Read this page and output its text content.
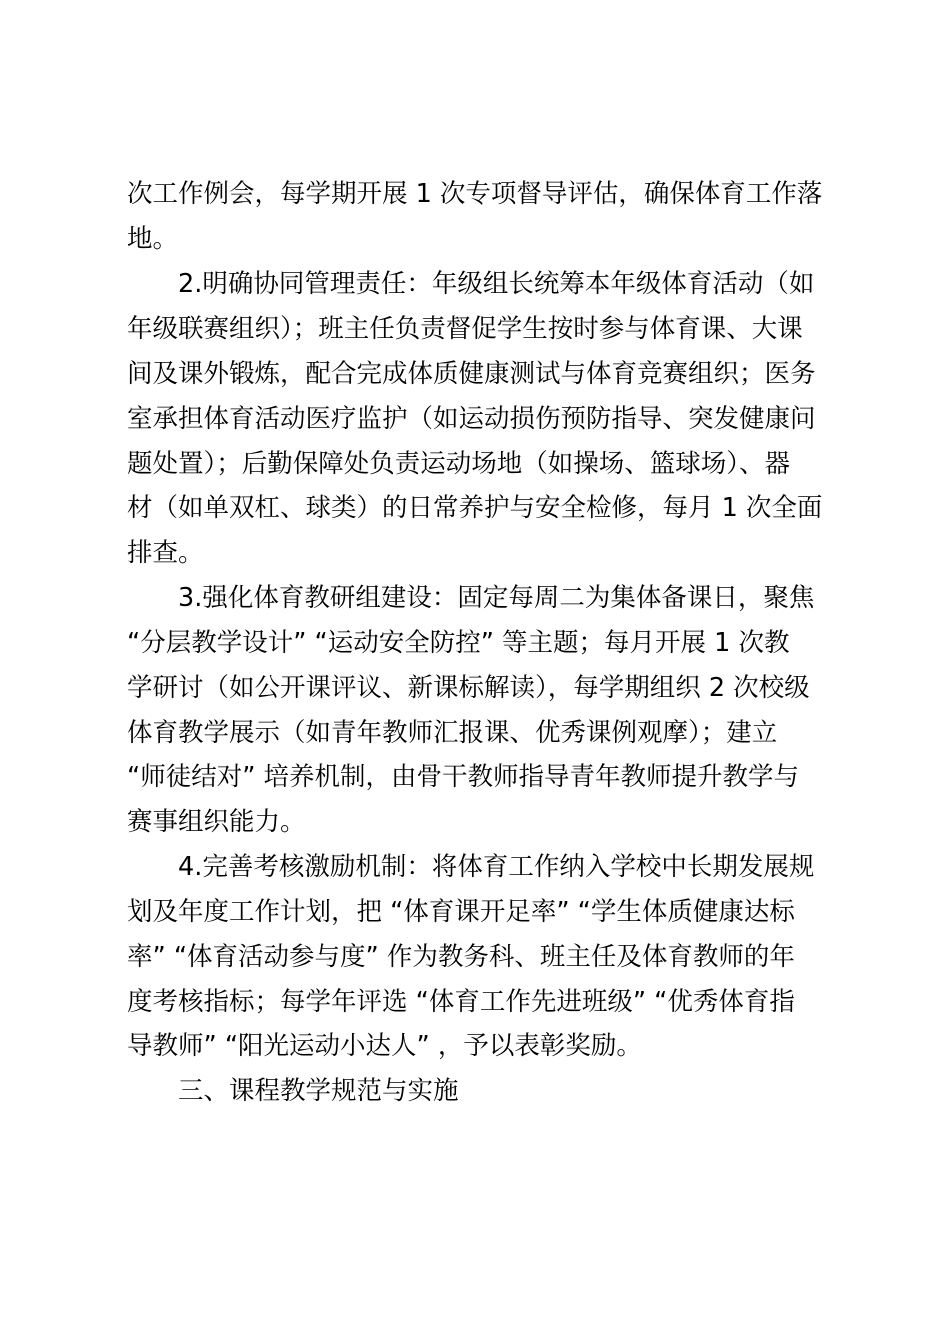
次工作例会，每学期开展 1 次专项督导评估，确保体育工作落
地。
2.明确协同管理责任：年级组长统筹本年级体育活动（如
年级联赛组织）；班主任负责督促学生按时参与体育课、大课
间及课外锻炼，配合完成体质健康测试与体育竞赛组织；医务
室承担体育活动医疗监护（如运动损伤预防指导、突发健康问
题处置）；后勤保障处负责运动场地（如操场、篮球场）、器
材（如单双杠、球类）的日常养护与安全检修，每月 1 次全面
排查。
3.强化体育教研组建设：固定每周二为集体备课日，聚焦
“分层教学设计” “运动安全防控” 等主题；每月开展 1 次教
学研讨（如公开课评议、新课标解读），每学期组织 2 次校级
体育教学展示（如青年教师汇报课、优秀课例观摩）；建立
“师徒结对” 培养机制，由骨干教师指导青年教师提升教学与
赛事组织能力。
4.完善考核激励机制：将体育工作纳入学校中长期发展规
划及年度工作计划，把 “体育课开足率” “学生体质健康达标
率” “体育活动参与度” 作为教务科、班主任及体育教师的年
度考核指标；每学年评选 “体育工作先进班级” “优秀体育指
导教师” “阳光运动小达人” ，予以表彰奖励。
三、课程教学规范与实施
